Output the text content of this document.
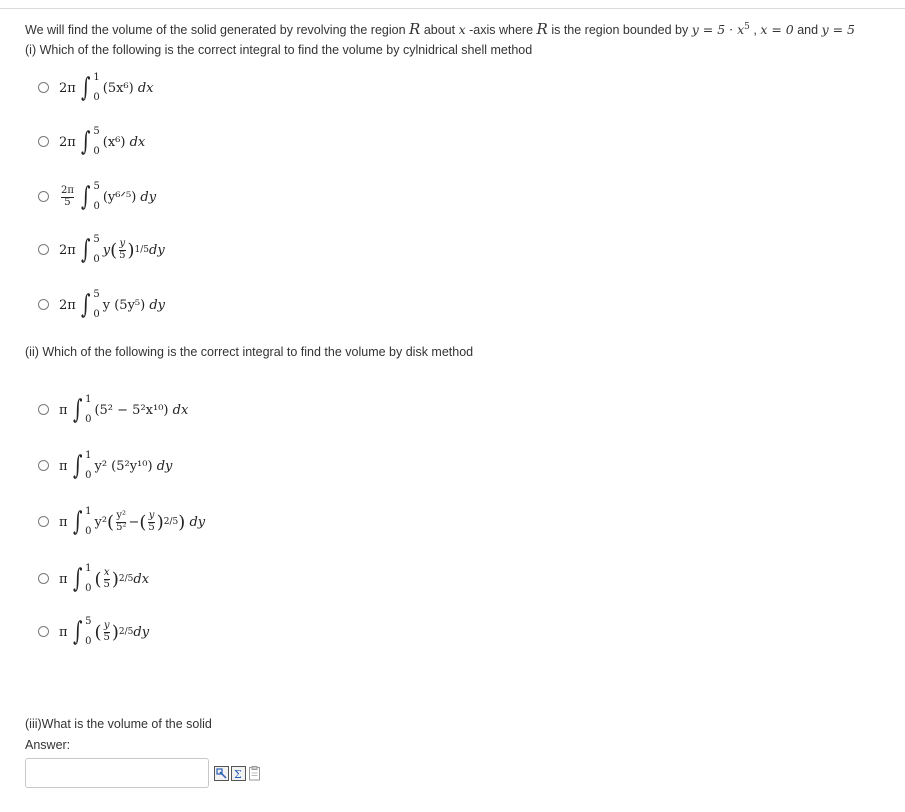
We will find the volume of the solid generated by revolving the region R about x -axis where R is the region bounded by $y = 5 \cdot x^5$ , x = 0 and y = 5
(i) Which of the following is the correct integral to find the volume by cylnidrical shell method
2π ∫ 1
0
(5x⁶)
dx
2π ∫ 5
0
(x⁶)
dx
$\frac{2\pi}{5}$ ∫ 5
0
(y⁶ᐟ⁵)
dy
2π ∫ 5
0
y ( $\frac{y}{5}$ ) 1/5 dy
2π ∫ 5
0
y (5y⁵)
dy
(ii) Which of the following is the correct integral to find the volume by disk method
π ∫ 1
0
(5² − 5²x¹⁰)
dx
π ∫ 1
0
y² (5²y¹⁰)
dy
π ∫ 1
0
y² ( $\frac{\text{y²}}{\text{5²}}$ − ( $\frac{y}{5}$ ) 2/5 )
dy
π ∫ 1
0 ( $\frac{x}{5}$ ) 2/5 dx
π ∫ 5
0 ( $\frac{y}{5}$ ) 2/5 dy
(iii)What is the volume of the solid
Answer:
Σ
